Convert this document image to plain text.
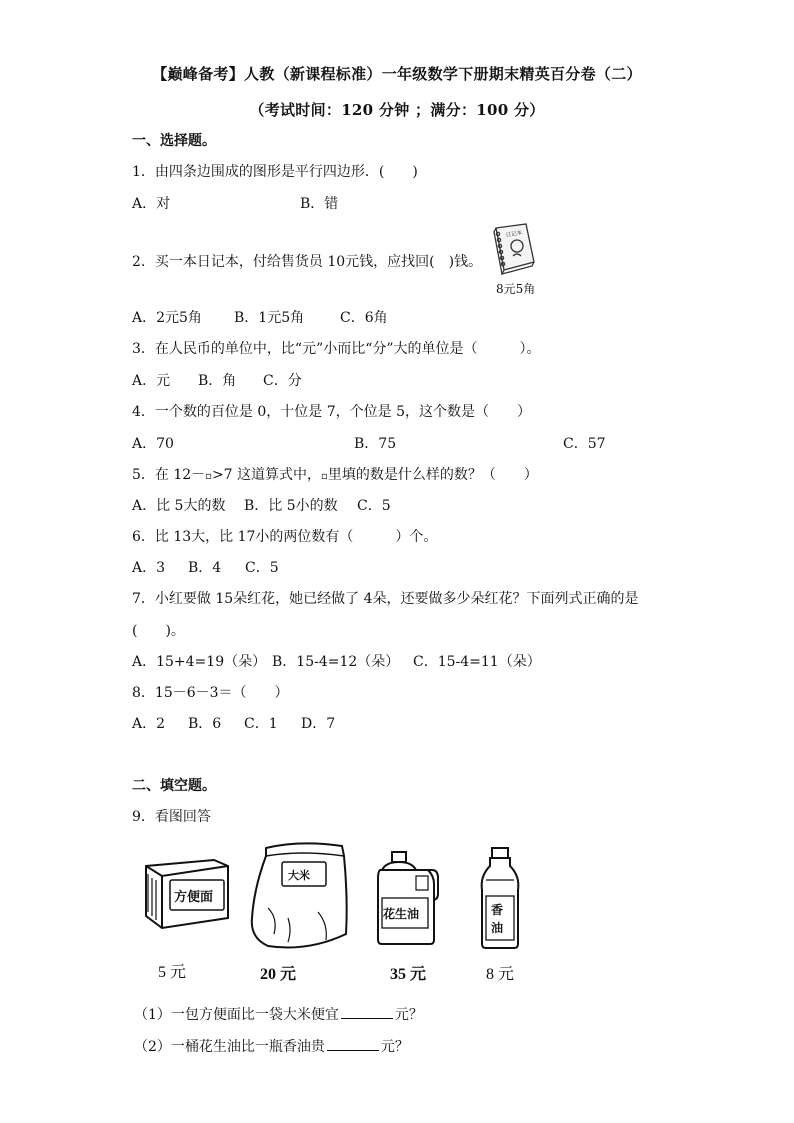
【巅峰备考】人教（新课程标准）一年级数学下册期末精英百分卷（二）
（考试时间：120 分钟 ；满分：100 分）
一、选择题。
1．由四条边围成的图形是平行四边形．(　　)
A．对	B．错
2．买一本日记本，付给售货员 10元钱，应找回(　)钱。
日记本
8元5角
A．2元5角 B．1元5角	C．6角
3．在人民币的单位中，比“元”小而比“分”大的单位是（　　　）。
A．元 B．角 C．分
4．一个数的百位是 0，十位是 7，个位是 5，这个数是（　　）
A．70	B．75	C．57
5．在 12－▫>7 这道算式中，▫里填的数是什么样的数？（　　）
A．比 5大的数 B．比 5小的数 C．5
6．比 13大，比 17小的两位数有（　　　）个。
A．3 B．4 C．5
7．小红要做 15朵红花，她已经做了 4朵，还要做多少朵红花？下面列式正确的是
(　　)。
A．15+4=19（朵） B．15-4=12（朵） C．15-4=11（朵）
8．15－6－3＝（　　）
A．2 B．6 C．1 D．7
二、填空题。
9．看图回答
方便面
大米
花生油	香
油
5 元	20 元	35 元	8 元
（1）一包方便面比一袋大米便宜	元？
（2）一桶花生油比一瓶香油贵	元？
